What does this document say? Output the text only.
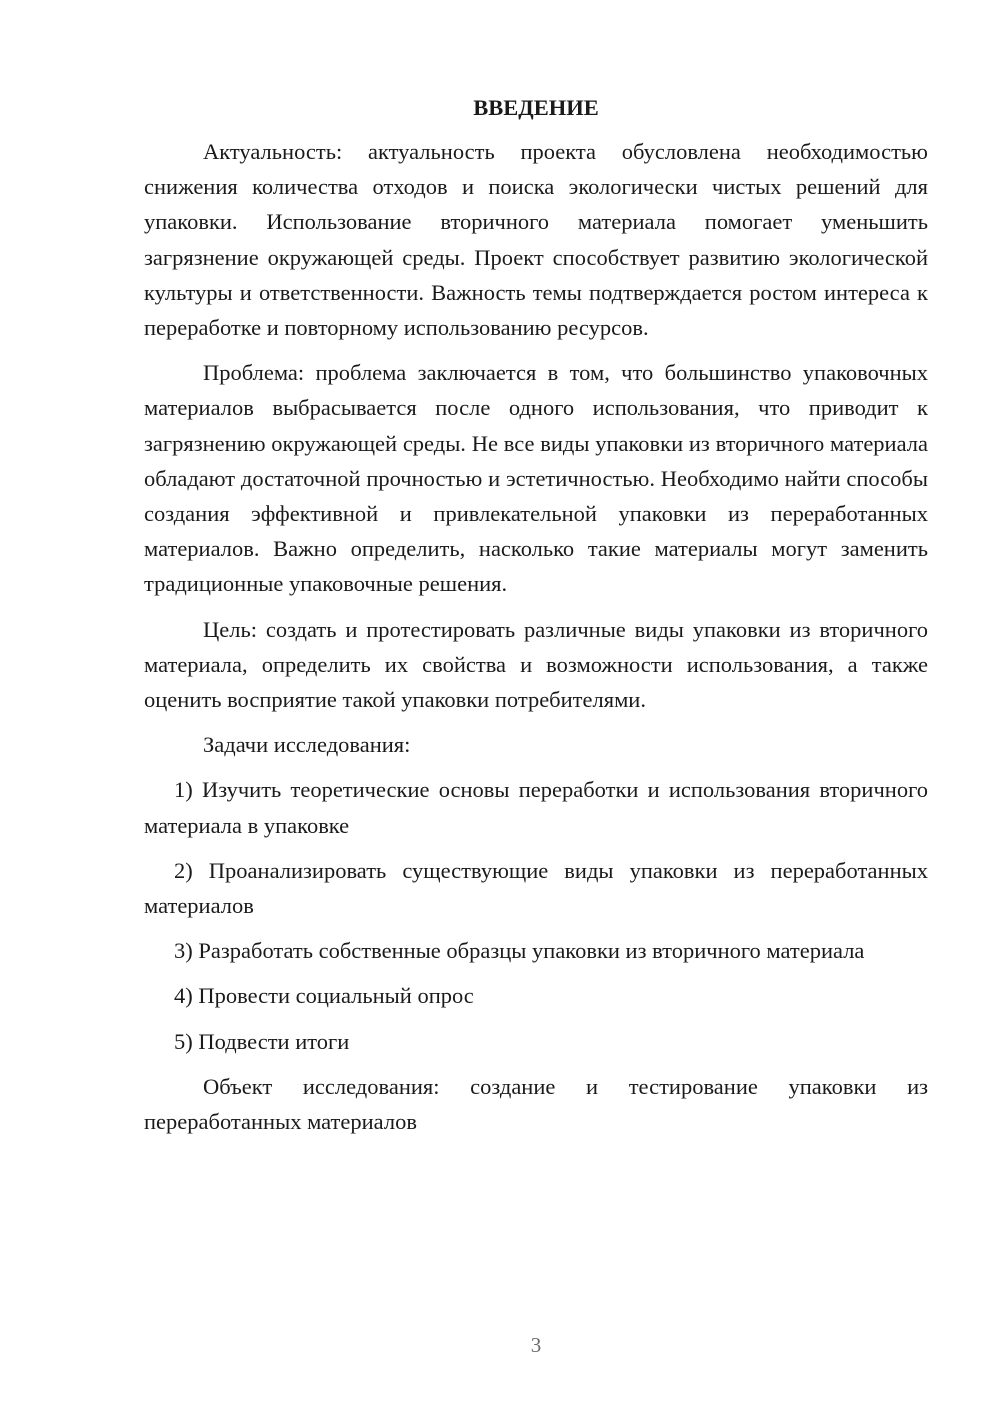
ВВЕДЕНИЕ

Актуальность: актуальность проекта обусловлена необходимостью снижения количества отходов и поиска экологически чистых решений для упаковки. Использование вторичного материала помогает уменьшить загрязнение окружающей среды. Проект способствует развитию экологической культуры и ответственности. Важность темы подтверждается ростом интереса к переработке и повторному использованию ресурсов.

Проблема: проблема заключается в том, что большинство упаковочных материалов выбрасывается после одного использования, что приводит к загрязнению окружающей среды. Не все виды упаковки из вторичного материала обладают достаточной прочностью и эстетичностью. Необходимо найти способы создания эффективной и привлекательной упаковки из переработанных материалов. Важно определить, насколько такие материалы могут заменить традиционные упаковочные решения.

Цель: создать и протестировать различные виды упаковки из вторичного материала, определить их свойства и возможности использования, а также оценить восприятие такой упаковки потребителями.

Задачи исследования:

1) Изучить теоретические основы переработки и использования вторичного материала в упаковке

2) Проанализировать существующие виды упаковки из переработанных материалов

3) Разработать собственные образцы упаковки из вторичного материала

4) Провести социальный опрос

5) Подвести итоги

Объект исследования: создание и тестирование упаковки из переработанных материалов

3
